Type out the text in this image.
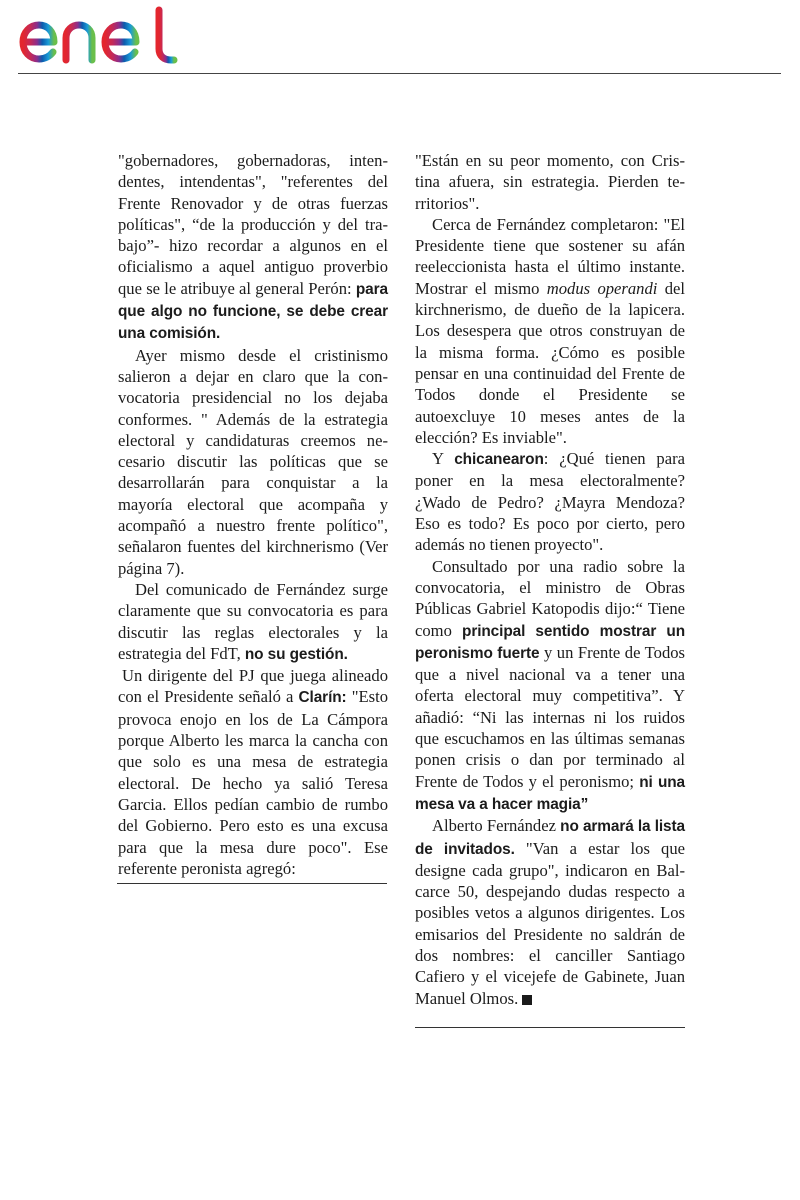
"gobernadores, gobernadoras, intendentes, intendentas", "referentes del Frente Renovador y de otras fuerzas políticas", “de la producción y del trabajo”- hizo recordar a algunos en el oficialismo a aquel antiguo proverbio que se le atribuye al general Perón: para que algo no funcione, se debe crear una comisión.

Ayer mismo desde el cristinismo salieron a dejar en claro que la convocatoria presidencial no los dejaba conformes. " Además de la estrategia electoral y candidaturas creemos necesario discutir las políticas que se desarrollarán para conquistar a la mayoría electoral que acompaña y acompañó a nuestro frente político", señalaron fuentes del kirchnerismo (Ver página 7).

Del comunicado de Fernández surge claramente que su convocatoria es para discutir las reglas electorales y la estrategia del FdT, no su gestión.

Un dirigente del PJ que juega alineado con el Presidente señaló a Clarín: "Esto provoca enojo en los de La Cámpora porque Alberto les marca la cancha con que solo es una mesa de estrategia electoral. De hecho ya salió Teresa Garcia. Ellos pedían cambio de rumbo del Gobierno. Pero esto es una excusa para que la mesa dure poco". Ese referente peronista agregó:

"Están en su peor momento, con Cristina afuera, sin estrategia. Pierden territorios".

Cerca de Fernández completaron: "El Presidente tiene que sostener su afán reeleccionista hasta el último instante. Mostrar el mismo modus operandi del kirchnerismo, de dueño de la lapicera. Los desespera que otros construyan de la misma forma. ¿Cómo es posible pensar en una continuidad del Frente de Todos donde el Presidente se autoexcluye 10 meses antes de la elección? Es inviable".

Y chicanearon: ¿Qué tienen para poner en la mesa electoralmente? ¿Wado de Pedro? ¿Mayra Mendoza? Eso es todo? Es poco por cierto, pero además no tienen proyecto".

Consultado por una radio sobre la convocatoria, el ministro de Obras Públicas Gabriel Katopodis dijo:“ Tiene como principal sentido mostrar un peronismo fuerte y un Frente de Todos que a nivel nacional va a tener una oferta electoral muy competitiva”. Y añadió: “Ni las internas ni los ruidos que escuchamos en las últimas semanas ponen crisis o dan por terminado al Frente de Todos y el peronismo; ni una mesa va a hacer magia”

Alberto Fernández no armará la lista de invitados. "Van a estar los que designe cada grupo", indicaron en Balcarce 50, despejando dudas respecto a posibles vetos a algunos dirigentes. Los emisarios del Presidente no saldrán de dos nombres: el canciller Santiago Cafiero y el vicejefe de Gabinete, Juan Manuel Olmos.
